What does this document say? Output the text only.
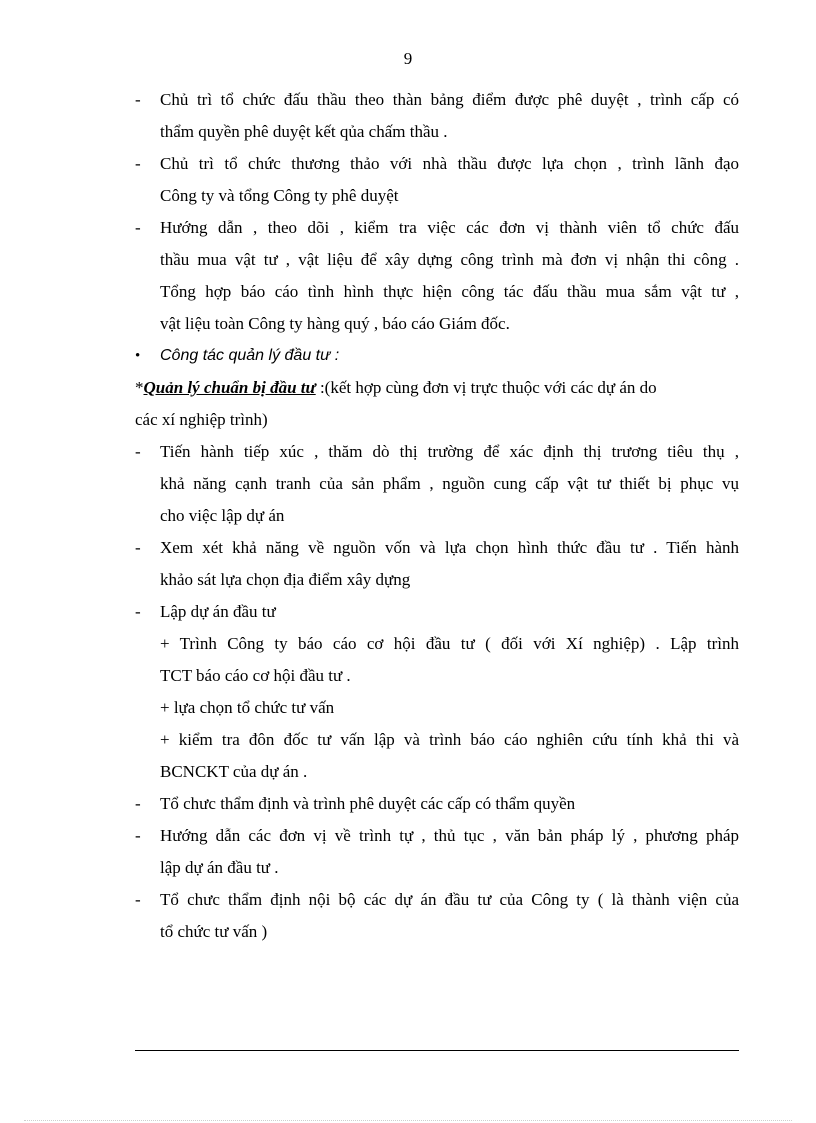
9
-	Chủ trì tổ chức đấu thầu theo thàn bảng điểm được phê duyệt , trình cấp có
thẩm quyền phê duyệt kết qủa chấm thầu .
-	Chủ trì tổ chức thương thảo với nhà thầu được lựa chọn , trình lãnh đạo
Công ty và tổng Công ty phê duyệt
-	Hướng dẫn , theo dõi , kiểm tra việc các đơn vị thành viên tổ chức đấu
thầu mua vật tư , vật liệu để xây dựng công trình mà đơn vị nhận thi công .
Tổng hợp báo cáo tình hình thực hiện công tác đấu thầu mua sắm vật tư ,
vật liệu toàn Công ty hàng quý , báo cáo Giám đốc.
•	Công tác quản lý đầu tư :
*Quản lý chuẩn bị đầu tư :(kết hợp cùng đơn vị trực thuộc với các dự án do
các xí nghiệp trình)
-	Tiến hành tiếp xúc , thăm dò thị trường để xác định thị trương tiêu thụ ,
khả năng cạnh tranh của sản phẩm , nguồn cung cấp vật tư thiết bị phục vụ
cho việc lập dự án
-	Xem xét khả năng về nguồn vốn và lựa chọn hình thức đầu tư . Tiến hành
khảo sát lựa chọn địa điểm xây dựng
-	Lập dự án đầu tư
+ Trình Công ty báo cáo cơ hội đầu tư ( đối với Xí nghiệp) . Lập trình
TCT báo cáo cơ hội đầu tư .
+ lựa chọn tổ chức tư vấn
+ kiểm tra đôn đốc tư vấn lập và trình báo cáo nghiên cứu tính khả thi và
BCNCKT của dự án .
-	Tổ chưc thẩm định và trình phê duyệt các cấp có thẩm quyền
-	Hướng dẫn các đơn vị về trình tự , thủ tục , văn bản pháp lý , phương pháp
lập dự án đầu tư .
-	Tổ chưc thẩm định nội bộ các dự án đầu tư của Công ty ( là thành viện của
tổ chức tư vấn )
